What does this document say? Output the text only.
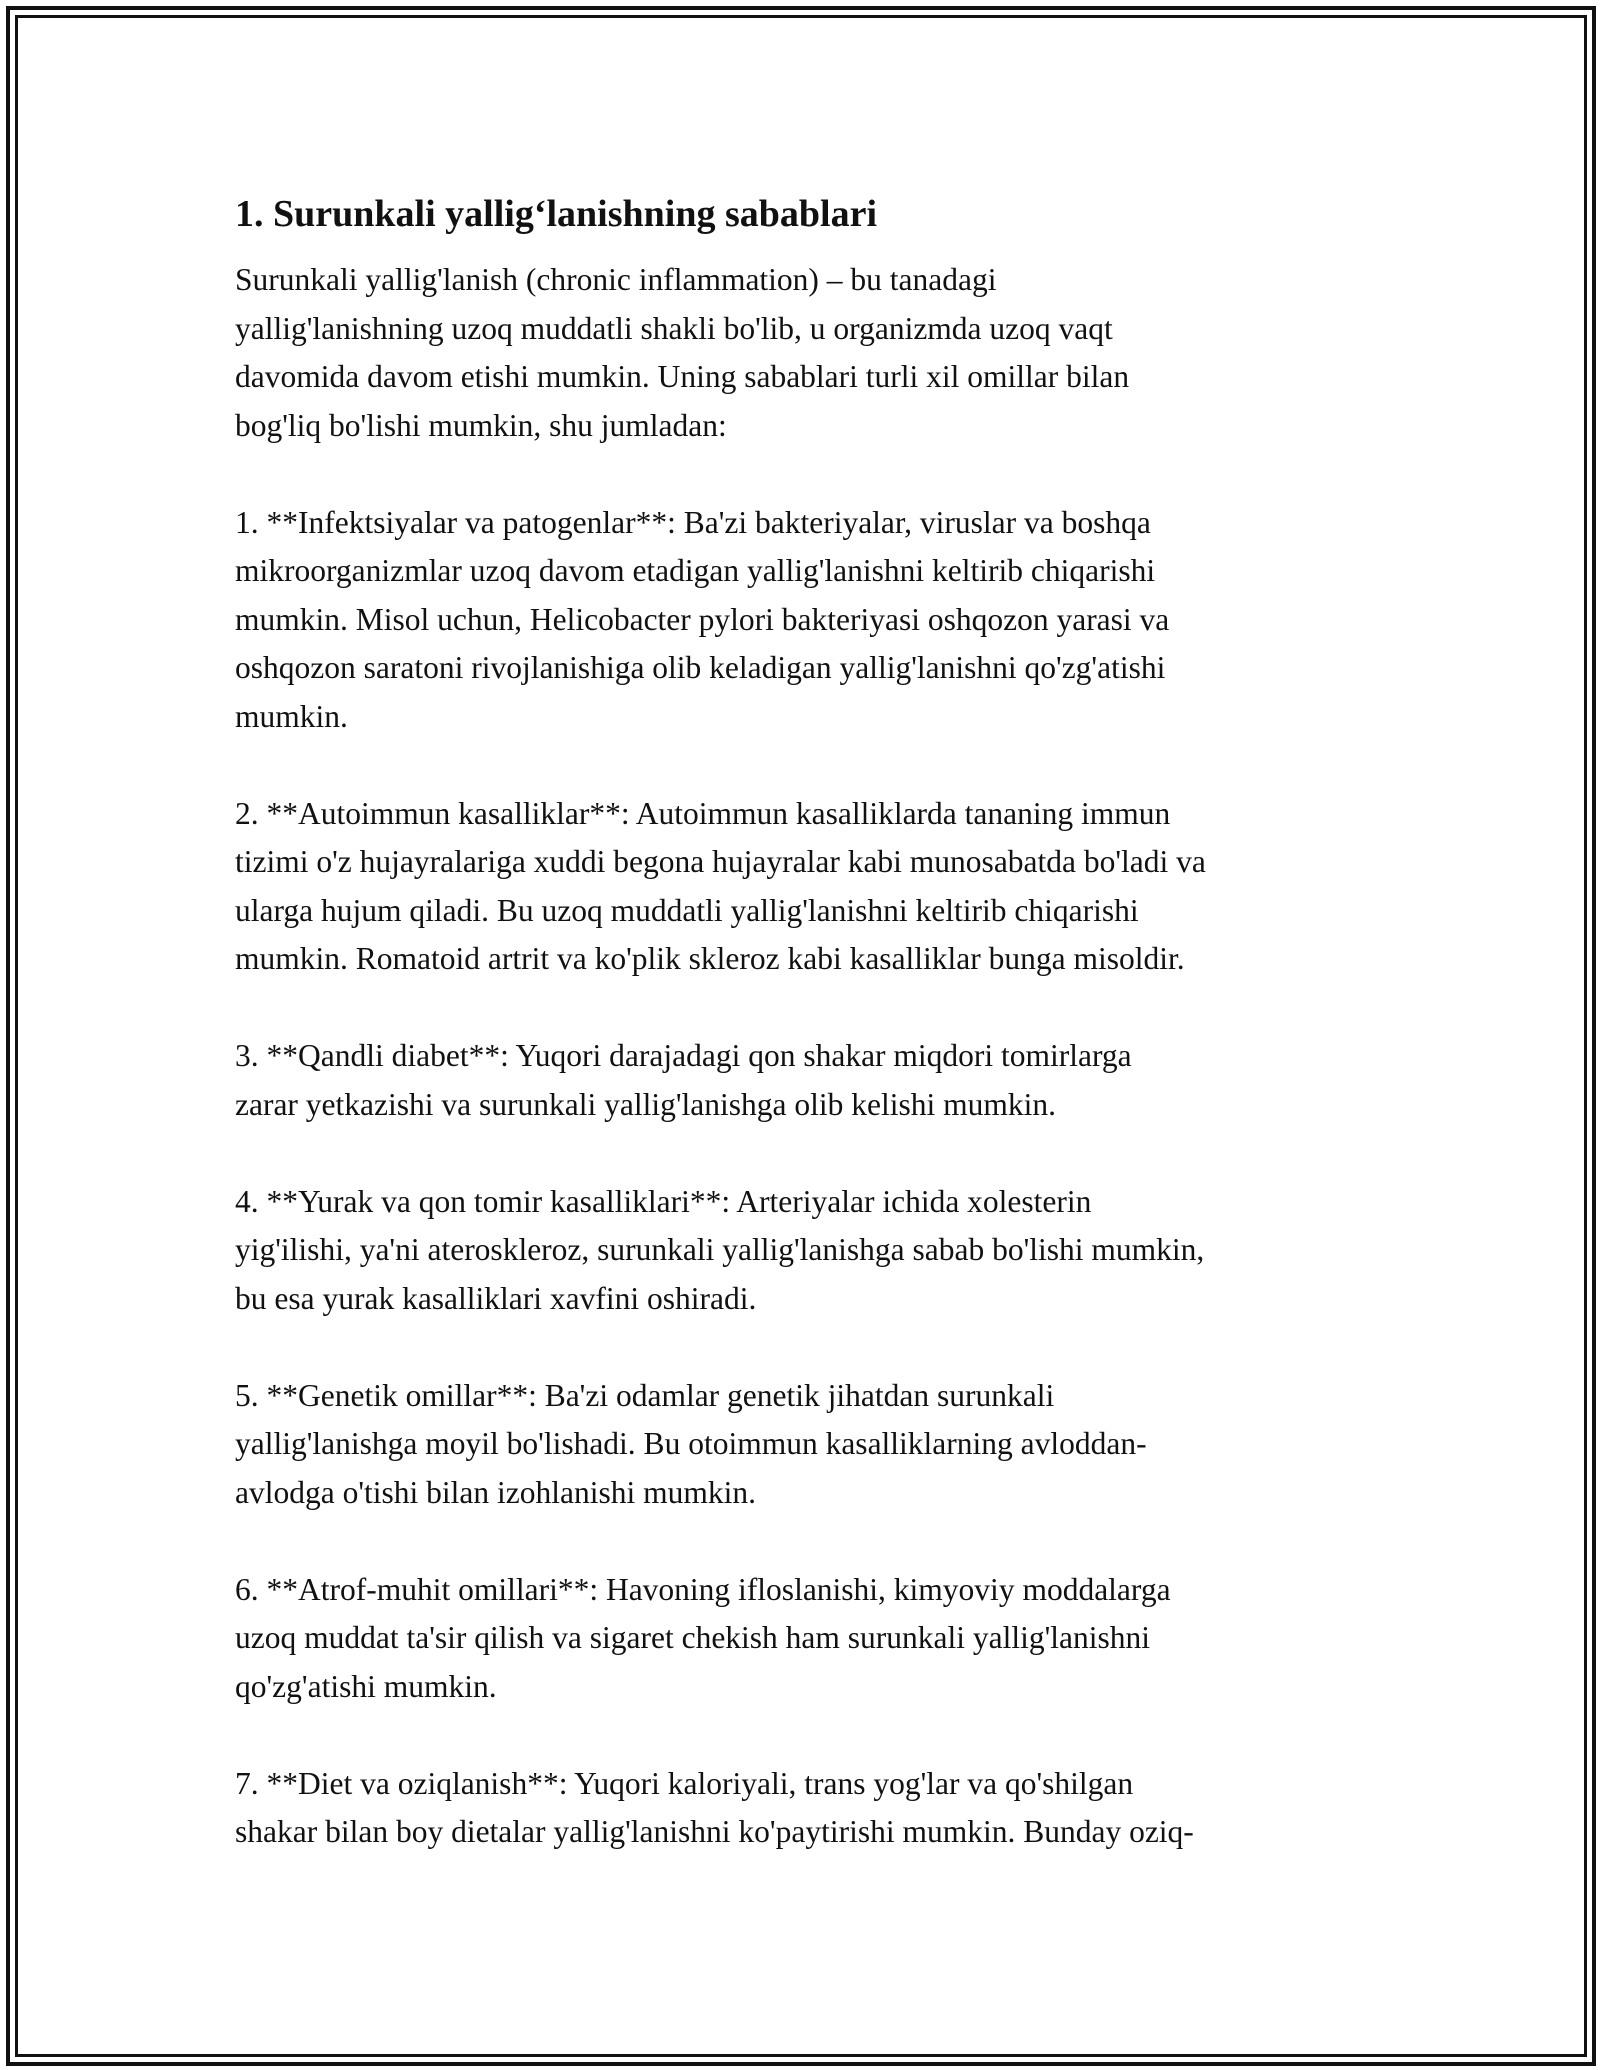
1. Surunkali yallig‘lanishning sabablari

Surunkali yallig'lanish (chronic inflammation) – bu tanadagi
yallig'lanishning uzoq muddatli shakli bo'lib, u organizmda uzoq vaqt
davomida davom etishi mumkin. Uning sabablari turli xil omillar bilan
bog'liq bo'lishi mumkin, shu jumladan:

1. **Infektsiyalar va patogenlar**: Ba'zi bakteriyalar, viruslar va boshqa
mikroorganizmlar uzoq davom etadigan yallig'lanishni keltirib chiqarishi
mumkin. Misol uchun, Helicobacter pylori bakteriyasi oshqozon yarasi va
oshqozon saratoni rivojlanishiga olib keladigan yallig'lanishni qo'zg'atishi
mumkin.

2. **Autoimmun kasalliklar**: Autoimmun kasalliklarda tananing immun
tizimi o'z hujayralariga xuddi begona hujayralar kabi munosabatda bo'ladi va
ularga hujum qiladi. Bu uzoq muddatli yallig'lanishni keltirib chiqarishi
mumkin. Romatoid artrit va ko'plik skleroz kabi kasalliklar bunga misoldir.

3. **Qandli diabet**: Yuqori darajadagi qon shakar miqdori tomirlarga
zarar yetkazishi va surunkali yallig'lanishga olib kelishi mumkin.

4. **Yurak va qon tomir kasalliklari**: Arteriyalar ichida xolesterin
yig'ilishi, ya'ni ateroskleroz, surunkali yallig'lanishga sabab bo'lishi mumkin,
bu esa yurak kasalliklari xavfini oshiradi.

5. **Genetik omillar**: Ba'zi odamlar genetik jihatdan surunkali
yallig'lanishga moyil bo'lishadi. Bu otoimmun kasalliklarning avloddan-
avlodga o'tishi bilan izohlanishi mumkin.

6. **Atrof-muhit omillari**: Havoning ifloslanishi, kimyoviy moddalarga
uzoq muddat ta'sir qilish va sigaret chekish ham surunkali yallig'lanishni
qo'zg'atishi mumkin.

7. **Diet va oziqlanish**: Yuqori kaloriyali, trans yog'lar va qo'shilgan
shakar bilan boy dietalar yallig'lanishni ko'paytirishi mumkin. Bunday oziq-
